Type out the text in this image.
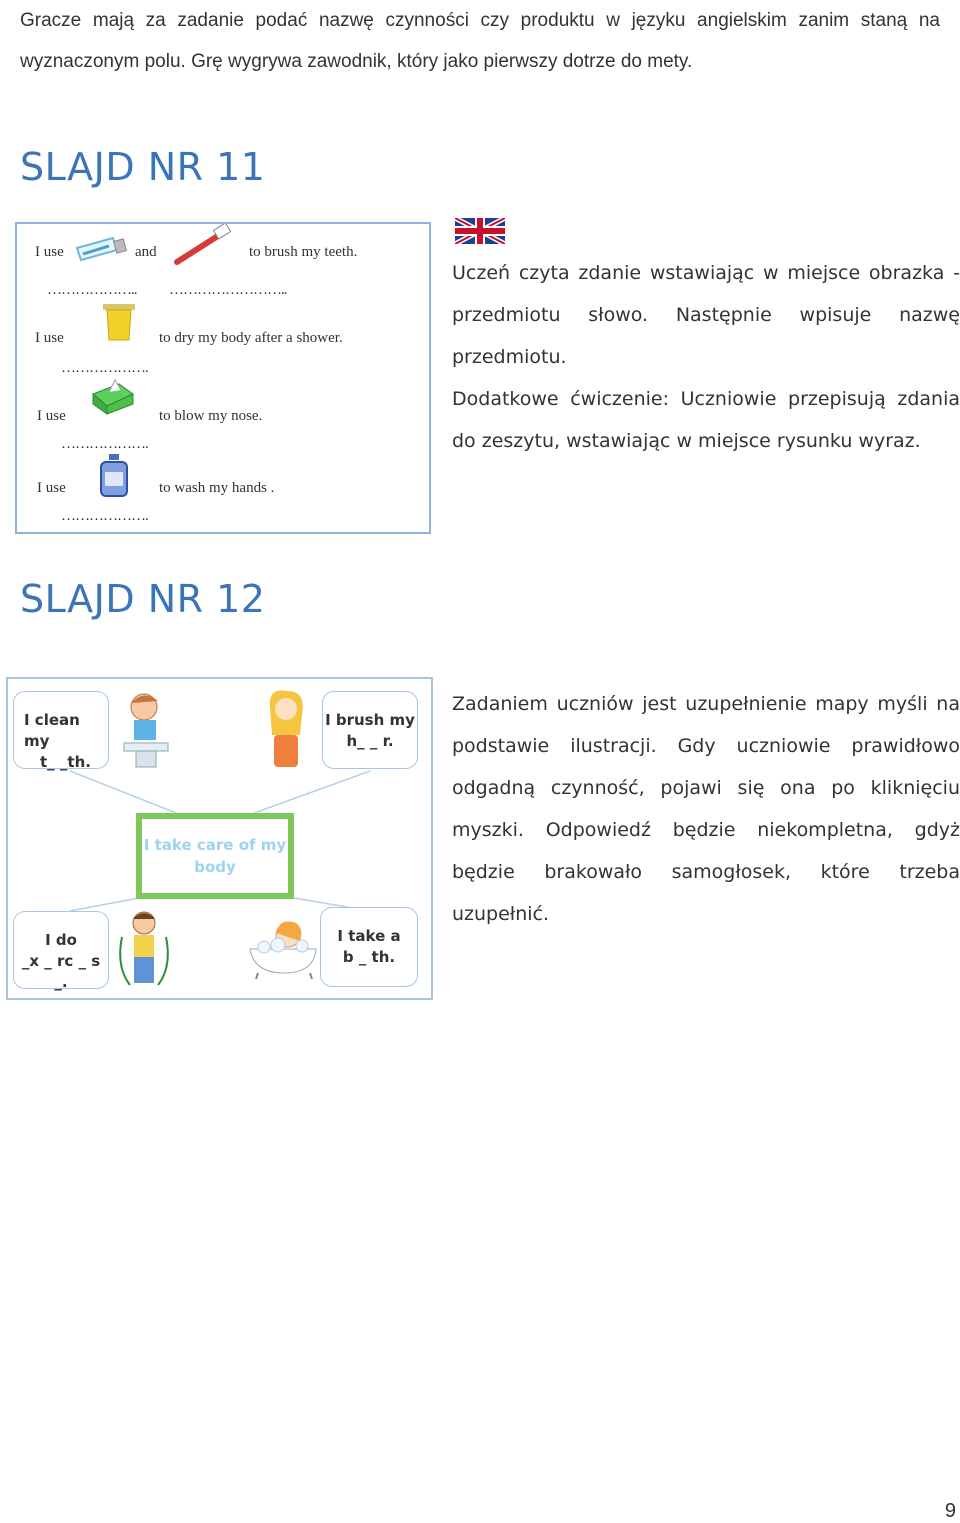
Gracze mają za zadanie podać nazwę czynności czy produktu w języku angielskim zanim staną na wyznaczonym polu. Grę wygrywa zawodnik, który jako pierwszy dotrze do mety.

SLAJD NR 11
I use	and	to brush my teeth.
……………….. ……………………..
I use	to dry my body after a shower.
……………….
I use	to blow my nose.
……………….
I use	to wash my hands .
……………….

Uczeń czyta zdanie wstawiając w miejsce obrazka - przedmiotu słowo. Następnie wpisuje nazwę przedmiotu.

Dodatkowe ćwiczenie: Uczniowie przepisują zdania do zeszytu, wstawiając w miejsce rysunku wyraz.

SLAJD NR 12
I clean my
t_ _th.
I brush my
h_ _ r.
I do
_x _ rc _ s _.
I take a
b _ th.
I take care of my
body

Zadaniem uczniów jest uzupełnienie mapy myśli na podstawie ilustracji. Gdy uczniowie prawidłowo odgadną czynność, pojawi się ona po kliknięciu myszki. Odpowiedź będzie niekompletna, gdyż będzie brakowało samogłosek, które trzeba uzupełnić.

9
